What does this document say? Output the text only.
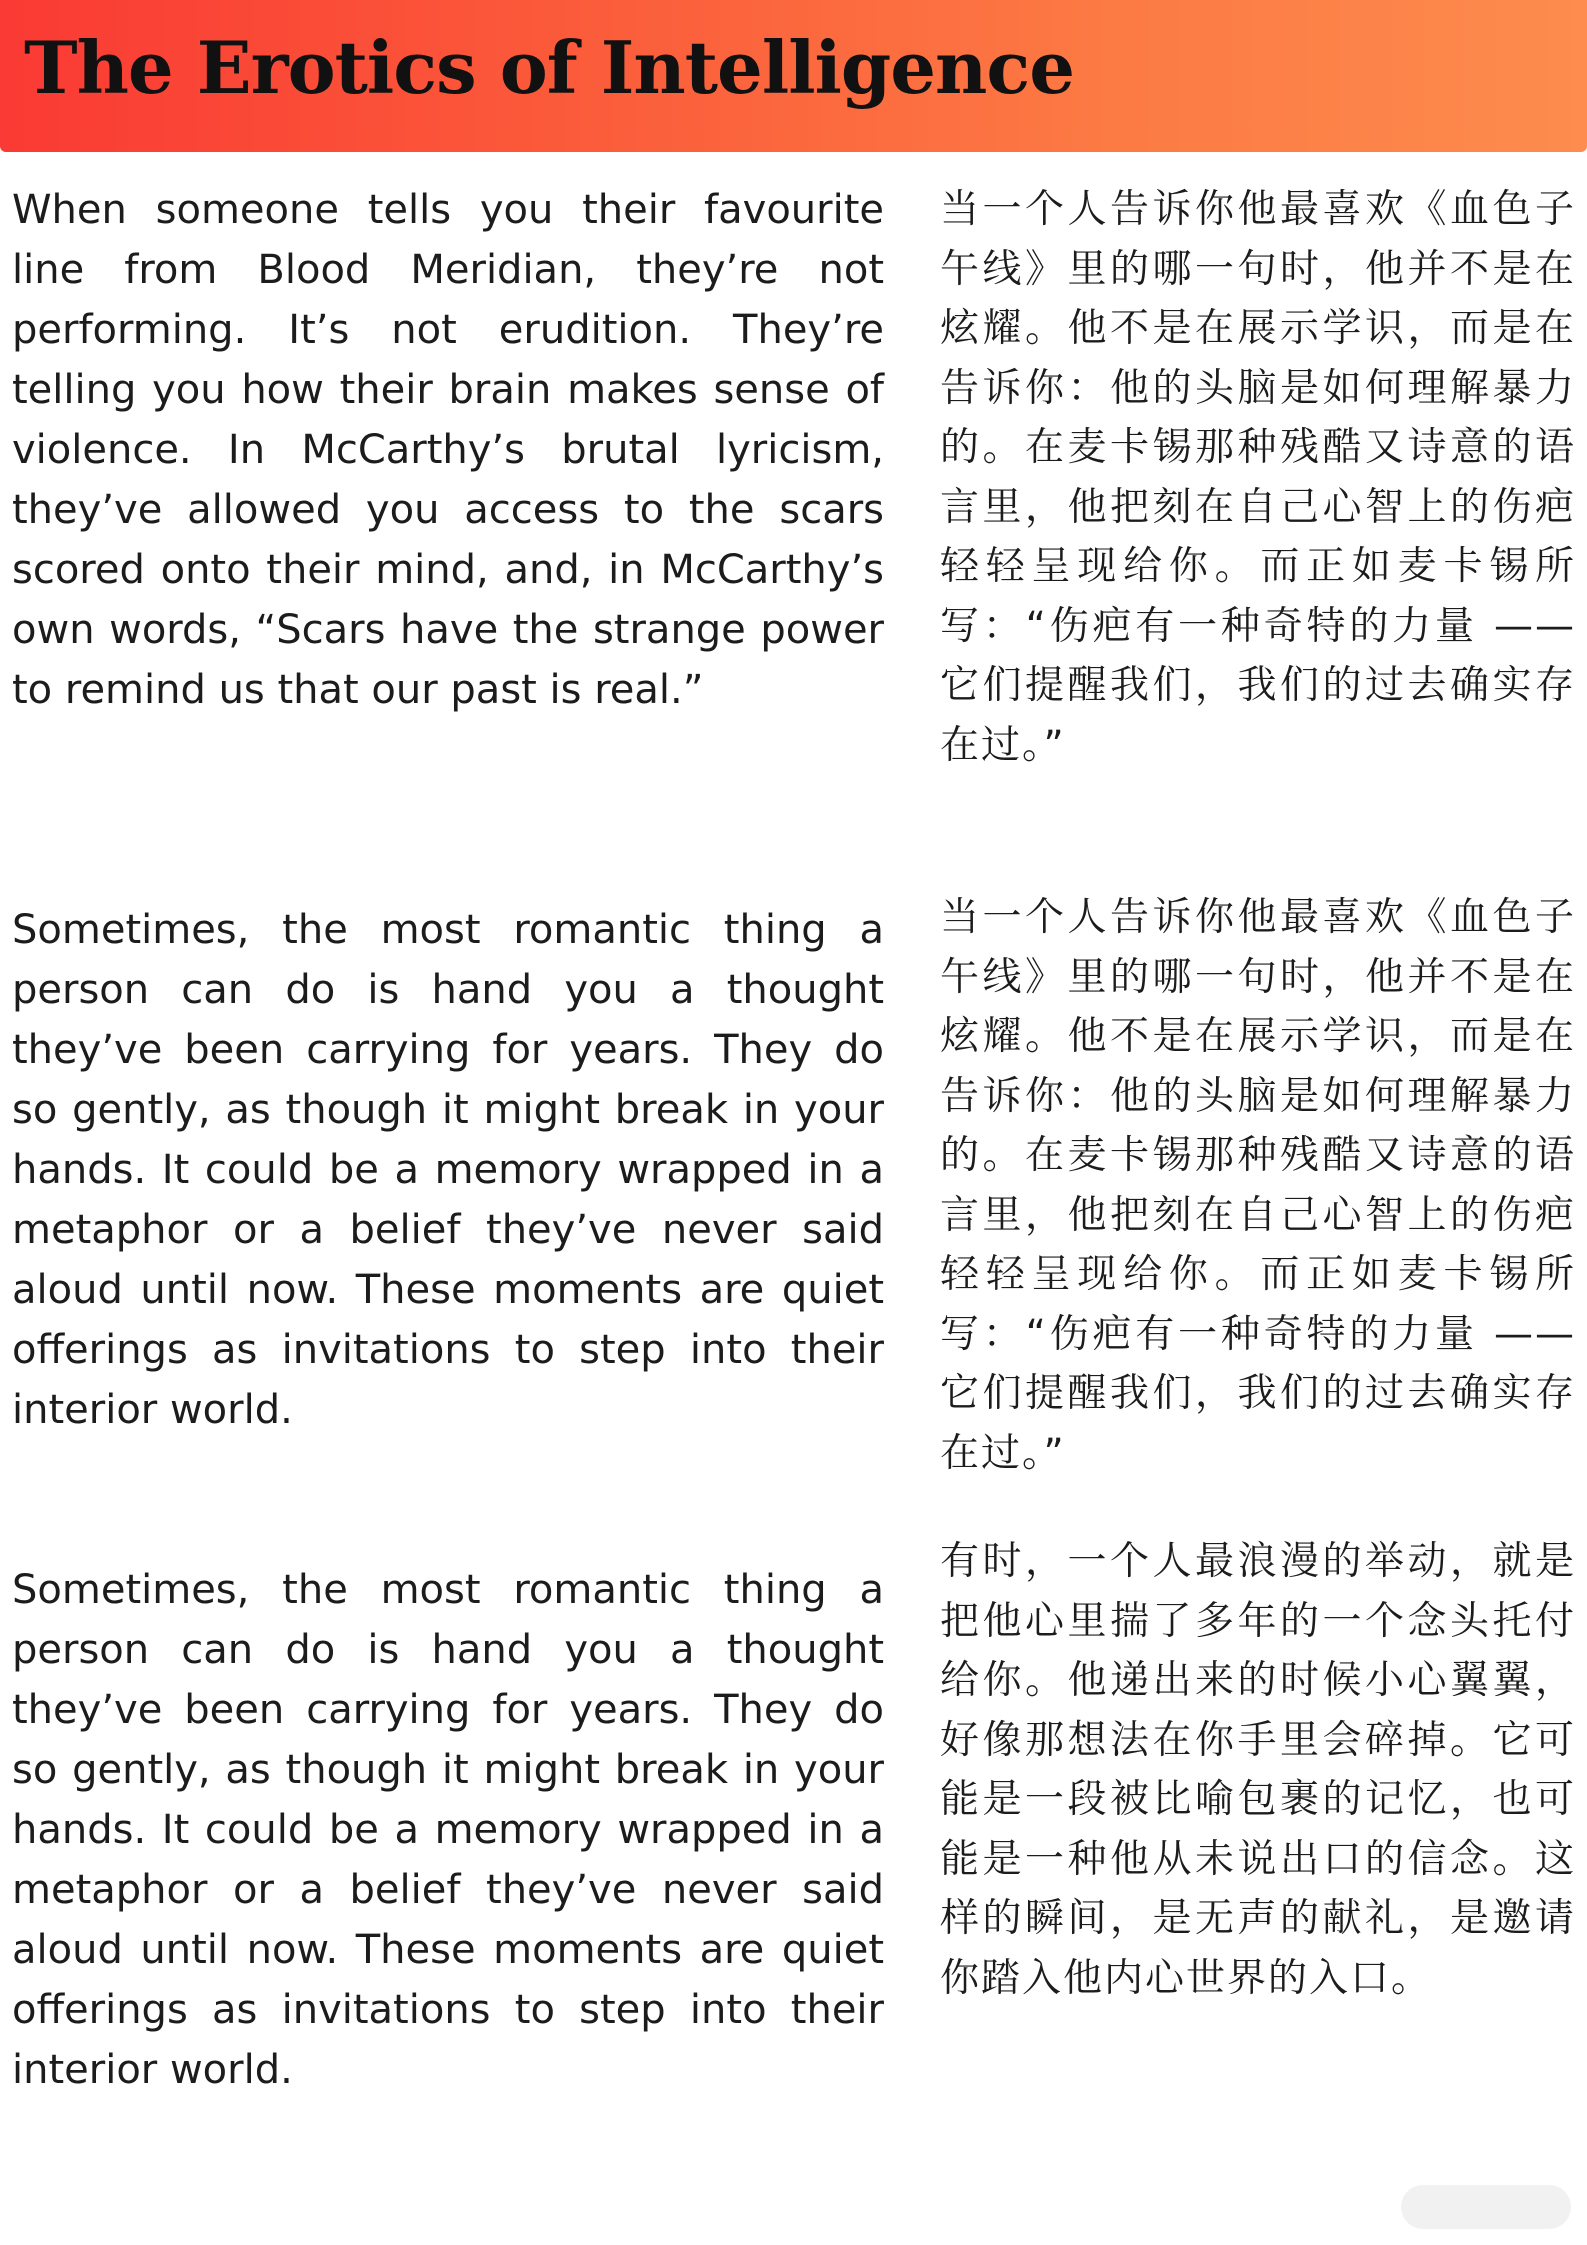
The Erotics of Intelligence

When someone tells you their favourite line from Blood Meridian, they’re not performing. It’s not erudition. They’re telling you how their brain makes sense of violence. In McCarthy’s brutal lyricism, they’ve allowed you access to the scars scored onto their mind, and, in McCarthy’s own words, “Scars have the strange power to remind us that our past is real.”

当一个人告诉你他最喜欢《血色子午线》里的哪一句时，他并不是在炫耀。他不是在展示学识，而是在告诉你：他的头脑是如何理解暴力的。在麦卡锡那种残酷又诗意的语言里，他把刻在自己心智上的伤疤轻轻呈现给你。而正如麦卡锡所写：“伤疤有一种奇特的力量 —— 它们提醒我们，我们的过去确实存在过。”

Sometimes, the most romantic thing a person can do is hand you a thought they’ve been carrying for years. They do so gently, as though it might break in your hands. It could be a memory wrapped in a metaphor or a belief they’ve never said aloud until now. These moments are quiet offerings as invitations to step into their interior world.

当一个人告诉你他最喜欢《血色子午线》里的哪一句时，他并不是在炫耀。他不是在展示学识，而是在告诉你：他的头脑是如何理解暴力的。在麦卡锡那种残酷又诗意的语言里，他把刻在自己心智上的伤疤轻轻呈现给你。而正如麦卡锡所写：“伤疤有一种奇特的力量 —— 它们提醒我们，我们的过去确实存在过。”

Sometimes, the most romantic thing a person can do is hand you a thought they’ve been carrying for years. They do so gently, as though it might break in your hands. It could be a memory wrapped in a metaphor or a belief they’ve never said aloud until now. These moments are quiet offerings as invitations to step into their interior world.

有时，一个人最浪漫的举动，就是把他心里揣了多年的一个念头托付给你。他递出来的时候小心翼翼，好像那想法在你手里会碎掉。它可能是一段被比喻包裹的记忆，也可能是一种他从未说出口的信念。这样的瞬间，是无声的献礼，是邀请你踏入他内心世界的入口。
